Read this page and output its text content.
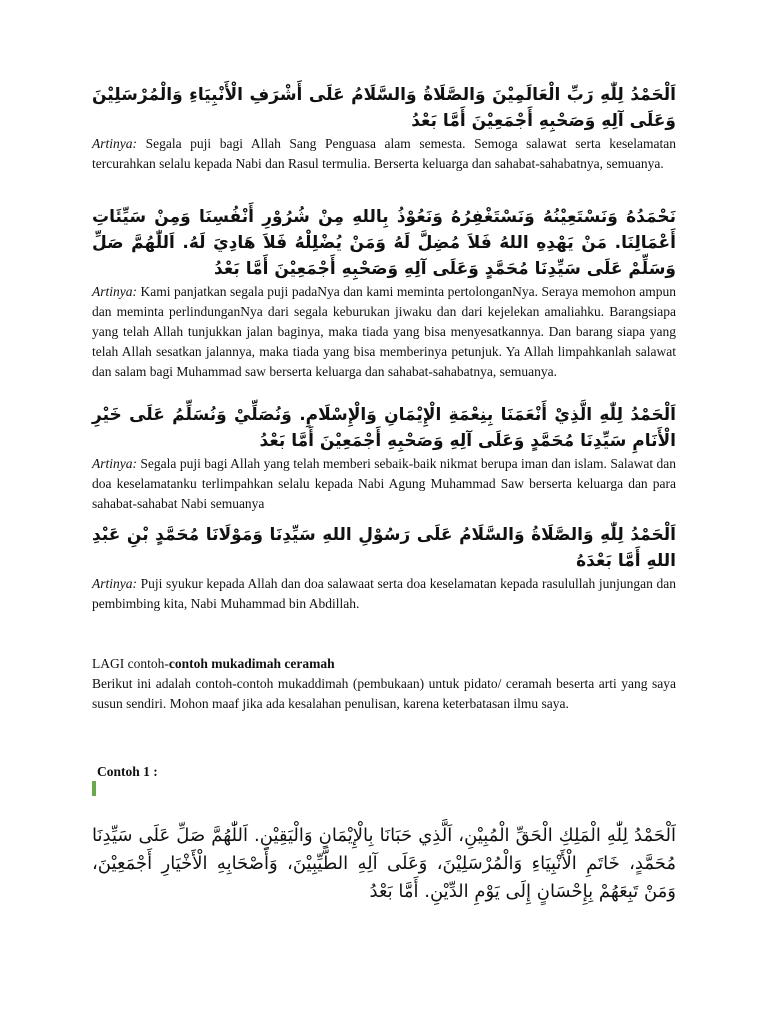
اَلْحَمْدُ لِلّٰهِ رَبِّ الْعَالَمِيْنَ وَالصَّلَاةُ وَالسَّلَامُ عَلَى أَشْرَفِ الْأَنْبِيَاءِ وَالْمُرْسَلِيْنَ وَعَلَى آلِهِ وَصَحْبِهِ أَجْمَعِيْنَ أَمَّا بَعْدُ

Artinya: Segala puji bagi Allah Sang Penguasa alam semesta. Semoga salawat serta keselamatan tercurahkan selalu kepada Nabi dan Rasul termulia. Berserta keluarga dan sahabat-sahabatnya, semuanya.

نَحْمَدُهُ وَنَسْتَعِيْنُهُ وَنَسْتَغْفِرُهُ وَنَعُوْذُ بِاللهِ مِنْ شُرُوْرِ أَنْفُسِنَا وَمِنْ سَيِّئَاتِ أَعْمَالِنَا. مَنْ يَهْدِهِ اللهُ فَلاَ مُضِلَّ لَهُ وَمَنْ يُضْلِلْهُ فَلاَ هَادِيَ لَهُ. اَللّٰهُمَّ صَلِّ وَسَلِّمْ عَلَى سَيِّدِنَا مُحَمَّدٍ وَعَلَى آلِهِ وَصَحْبِهِ أَجْمَعِيْنَ أَمَّا بَعْدُ

Artinya: Kami panjatkan segala puji padaNya dan kami meminta pertolonganNya. Seraya memohon ampun dan meminta perlindunganNya dari segala keburukan jiwaku dan dari kejelekan amaliahku. Barangsiapa yang telah Allah tunjukkan jalan baginya, maka tiada yang bisa menyesatkannya. Dan barang siapa yang telah Allah sesatkan jalannya, maka tiada yang bisa memberinya petunjuk. Ya Allah limpahkanlah salawat dan salam bagi Muhammad saw berserta keluarga dan sahabat-sahabatnya, semuanya.

اَلْحَمْدُ لِلّٰهِ الَّذِيْ أَنْعَمَنَا بِنِعْمَةِ الْإِيْمَانِ وَالْإِسْلَامِ. وَنُصَلِّيْ وَنُسَلِّمُ عَلَى خَيْرِ الْأَنَامِ سَيِّدِنَا مُحَمَّدٍ وَعَلَى آلِهِ وَصَحْبِهِ أَجْمَعِيْنَ أَمَّا بَعْدُ

Artinya: Segala puji bagi Allah yang telah memberi sebaik-baik nikmat berupa iman dan islam. Salawat dan doa keselamatanku terlimpahkan selalu kepada Nabi Agung Muhammad Saw berserta keluarga dan para sahabat-sahabat Nabi semuanya

اَلْحَمْدُ لِلّٰهِ وَالصَّلَاةُ وَالسَّلَامُ عَلَى رَسُوْلِ اللهِ سَيِّدِنَا وَمَوْلَانَا مُحَمَّدٍ بْنِ عَبْدِ اللهِ أَمَّا بَعْدَهُ

Artinya: Puji syukur kepada Allah dan doa salawaat serta doa keselamatan kepada rasulullah junjungan dan pembimbing kita, Nabi Muhammad bin Abdillah.

LAGI contoh-contoh mukadimah ceramah

Berikut ini adalah contoh-contoh mukaddimah (pembukaan) untuk pidato/ ceramah beserta arti yang saya susun sendiri. Mohon maaf jika ada kesalahan penulisan, karena keterbatasan ilmu saya.

Contoh 1 :

اَلْحَمْدُ لِلّٰهِ الْمَلِكِ الْحَقِّ الْمُبِيْنِ، اَلَّذِي حَبَانَا بِالْإِيْمَانِ وَالْيَقِيْنِ. اَللّٰهُمَّ صَلِّ عَلَى سَيِّدِنَا مُحَمَّدٍ، خَاتَمِ الْأَنْبِيَاءِ وَالْمُرْسَلِيْنَ، وَعَلَى آلِهِ الطَّيِّبِيْنَ، وَأَصْحَابِهِ الْأَخْيَارِ أَجْمَعِيْنَ، وَمَنْ تَبِعَهُمْ بِإِحْسَانٍ إِلَى يَوْمِ الدِّيْنِ. أَمَّا بَعْدُ
